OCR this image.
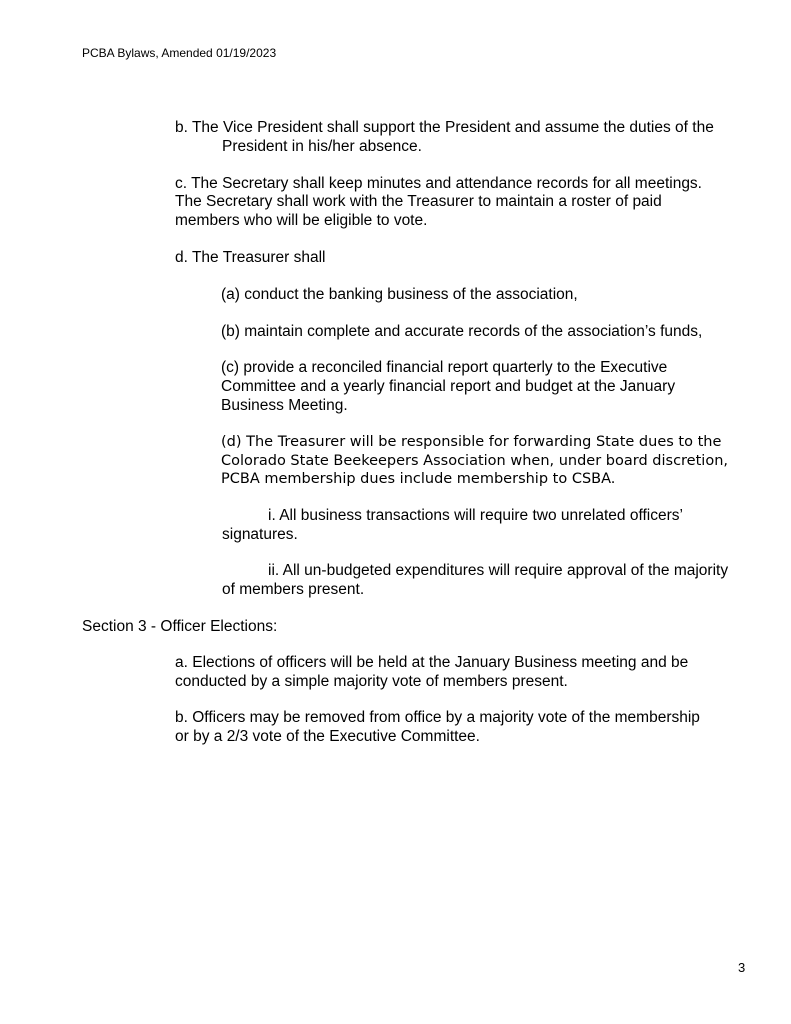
PCBA Bylaws, Amended 01/19/2023
b. The Vice President shall support the President and assume the duties of the
President in his/her absence.
c. The Secretary shall keep minutes and attendance records for all meetings.
The Secretary shall work with the Treasurer to maintain a roster of paid
members who will be eligible to vote.
d. The Treasurer shall
(a) conduct the banking business of the association,
(b) maintain complete and accurate records of the association’s funds,
(c) provide a reconciled financial report quarterly to the Executive
Committee and a yearly financial report and budget at the January
Business Meeting.
(d) The Treasurer will be responsible for forwarding State dues to the
Colorado State Beekeepers Association when, under board discretion,
PCBA membership dues include membership to CSBA.
i. All business transactions will require two unrelated officers’
signatures.
ii. All un-budgeted expenditures will require approval of the majority
of members present.
Section 3 - Officer Elections:
a. Elections of officers will be held at the January Business meeting and be
conducted by a simple majority vote of members present.
b. Officers may be removed from office by a majority vote of the membership
or by a 2/3 vote of the Executive Committee.
3
